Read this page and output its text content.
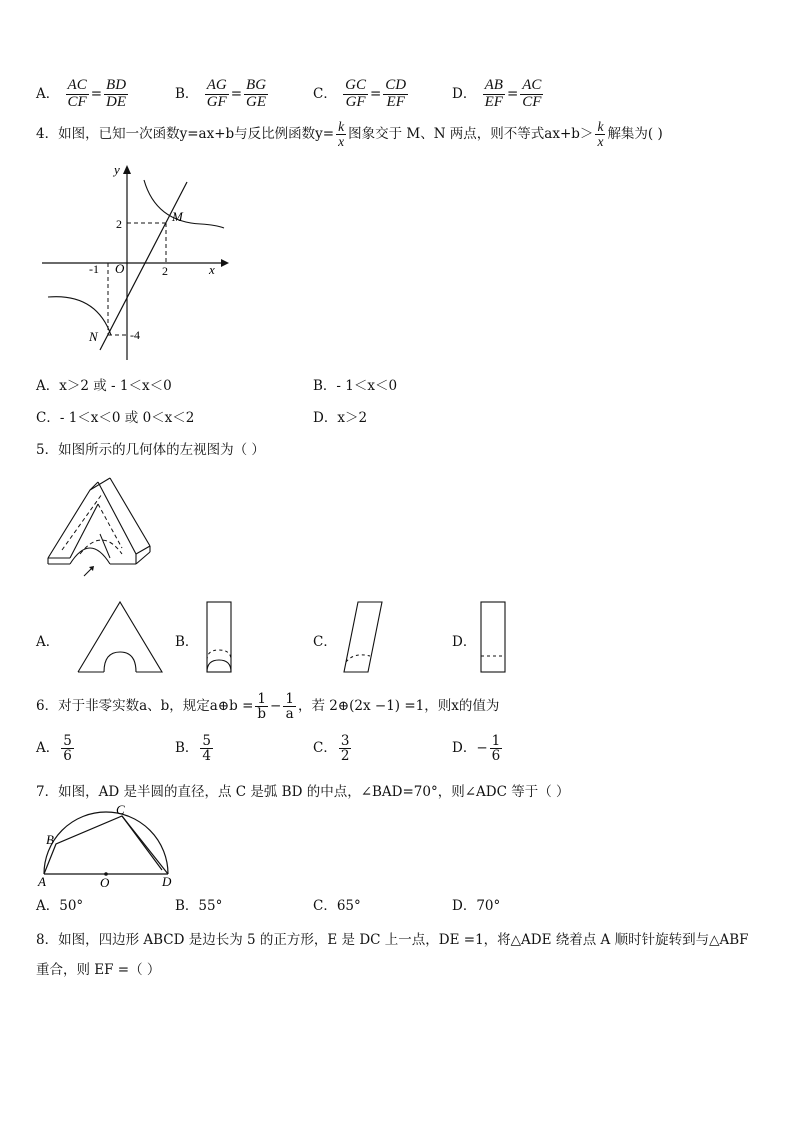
A． $\frac{AC}{CF} = \frac{BD}{DE}$	B． $\frac{AG}{GF} = \frac{BG}{GE}$	C． $\frac{GC}{GF} = \frac{CD}{EF}$	D． $\frac{AB}{EF} = \frac{AC}{CF}$
4．如图，已知一次函数y=ax+b与反比例函数$y= \frac{k}{x}$ 图象交于 M、N 两点，则不等式$ax+b> \frac{k}{x}$ 解集为( )
y
x
O
2
-1	2
-4
M
N
A．x＞2 或 - 1＜x＜0	B．- 1＜x＜0
C．- 1＜x＜0 或 0＜x＜2	D．x＞2
5．如图所示的几何体的左视图为（ ）
A．	B．	C．	D．
6．对于非零实数a、b，规定a⊕b = $\frac{1}{b} - \frac{1}{a}$ ，若 2⊕(2x −1) =1，则x的值为
A． $\frac{5}{6}$	B． $\frac{5}{4}$	C． $\frac{3}{2}$	D．− $\frac{1}{6}$
7．如图，AD 是半圆的直径，点 C 是弧 BD 的中点，∠BAD=70°，则∠ADC 等于（ ）
A
B
C
D
O
A．50°	B．55°	C．65°	D．70°
8．如图，四边形 ABCD 是边长为 5 的正方形，E 是 DC 上一点，DE =1，将△ADE 绕着点 A 顺时针旋转到与△ABF
重合，则 EF =（ ）
